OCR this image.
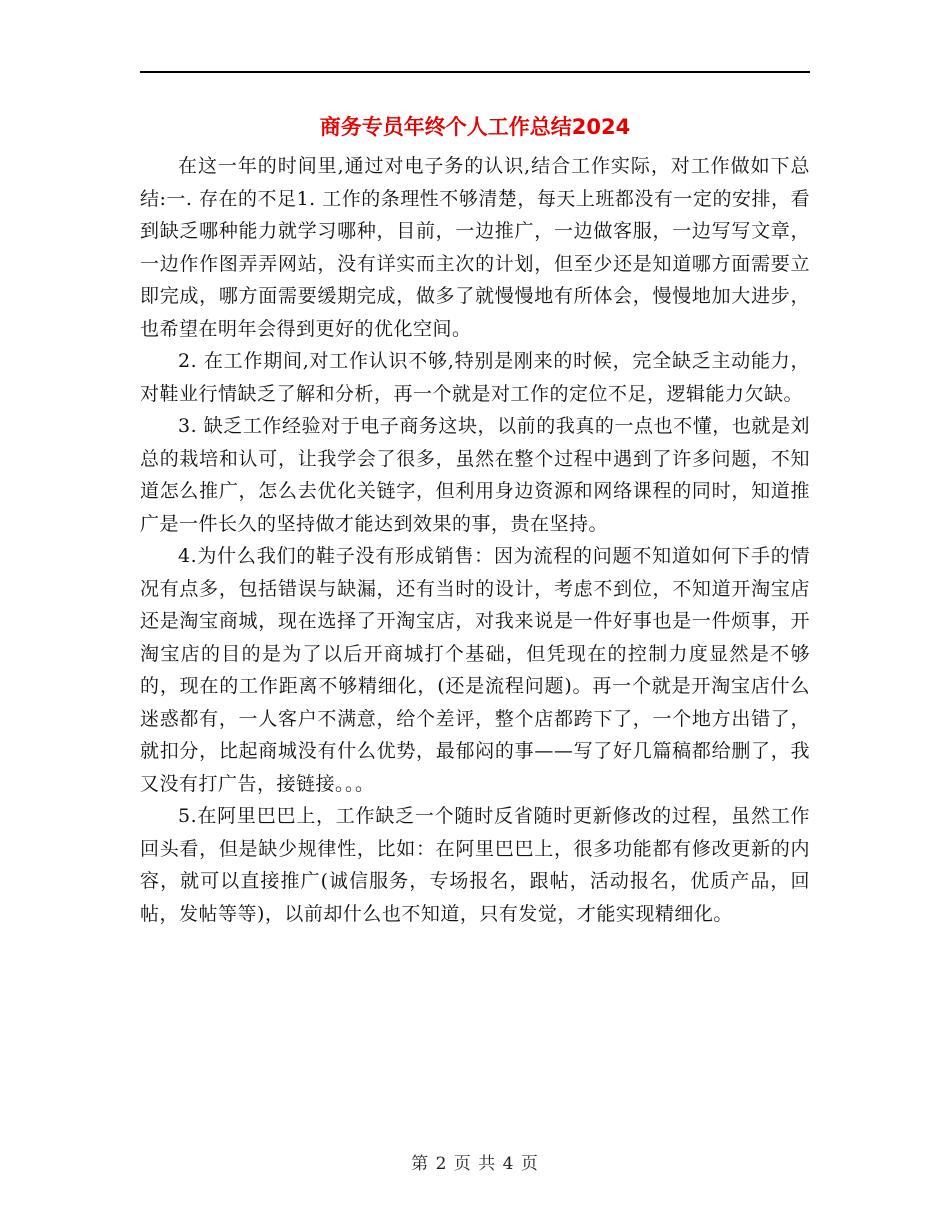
商务专员年终个人工作总结2024

在这一年的时间里,通过对电子务的认识,结合工作实际，对工作做如下总结:一. 存在的不足1. 工作的条理性不够清楚，每天上班都没有一定的安排，看到缺乏哪种能力就学习哪种，目前，一边推广，一边做客服，一边写写文章，一边作作图弄弄网站，没有详实而主次的计划，但至少还是知道哪方面需要立即完成，哪方面需要缓期完成，做多了就慢慢地有所体会，慢慢地加大进步，也希望在明年会得到更好的优化空间。

2. 在工作期间,对工作认识不够,特别是刚来的时候，完全缺乏主动能力，对鞋业行情缺乏了解和分析，再一个就是对工作的定位不足，逻辑能力欠缺。

3. 缺乏工作经验对于电子商务这块，以前的我真的一点也不懂，也就是刘总的栽培和认可，让我学会了很多，虽然在整个过程中遇到了许多问题，不知道怎么推广，怎么去优化关链字，但利用身边资源和网络课程的同时，知道推广是一件长久的坚持做才能达到效果的事，贵在坚持。

4.为什么我们的鞋子没有形成销售：因为流程的问题不知道如何下手的情况有点多，包括错误与缺漏，还有当时的设计，考虑不到位，不知道开淘宝店还是淘宝商城，现在选择了开淘宝店，对我来说是一件好事也是一件烦事，开淘宝店的目的是为了以后开商城打个基础，但凭现在的控制力度显然是不够的，现在的工作距离不够精细化，(还是流程问题)。再一个就是开淘宝店什么迷惑都有，一人客户不满意，给个差评，整个店都跨下了，一个地方出错了，就扣分，比起商城没有什么优势，最郁闷的事——写了好几篇稿都给删了，我又没有打广告，接链接。。。

5.在阿里巴巴上，工作缺乏一个随时反省随时更新修改的过程，虽然工作回头看，但是缺少规律性，比如：在阿里巴巴上，很多功能都有修改更新的内容，就可以直接推广(诚信服务，专场报名，跟帖，活动报名，优质产品，回帖，发帖等等)，以前却什么也不知道，只有发觉，才能实现精细化。

第 2 页 共 4 页
